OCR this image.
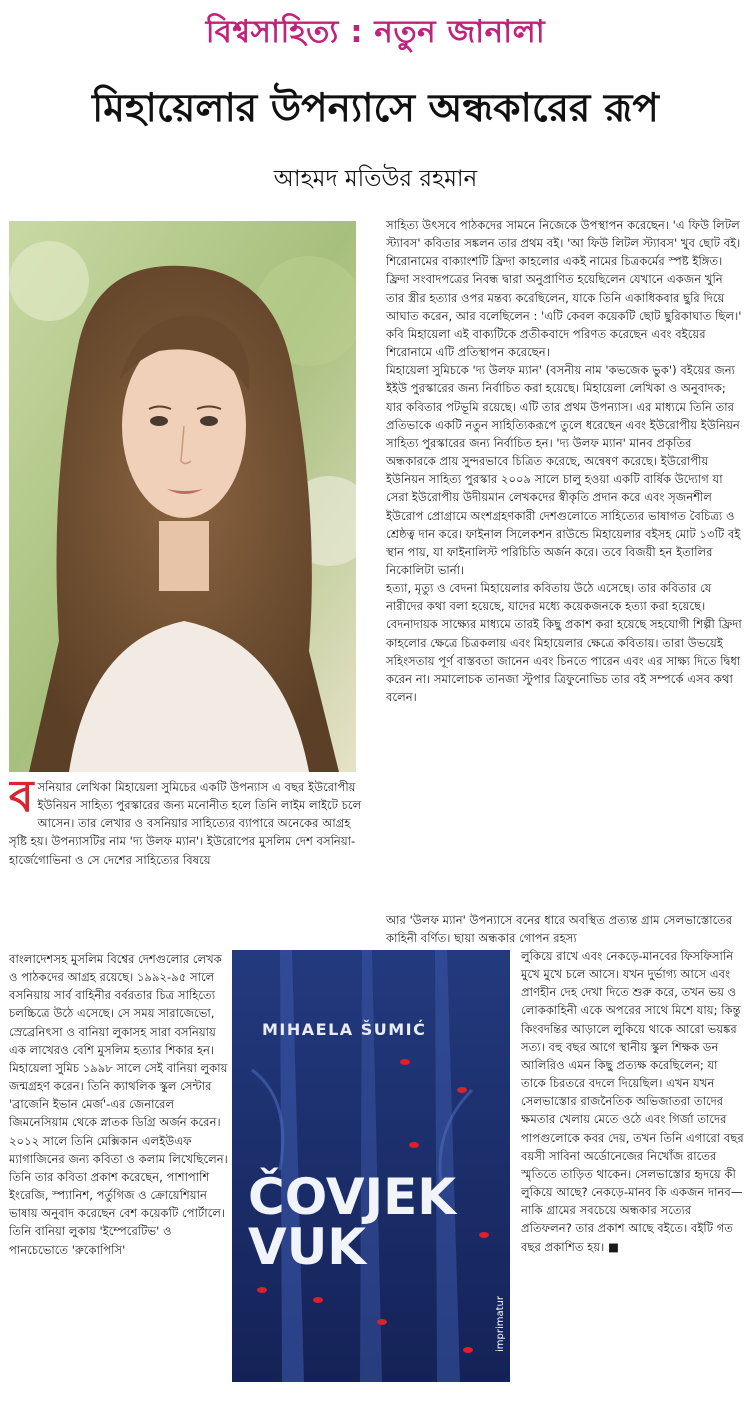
বিশ্বসাহিত্য : নতুন জানালা
মিহায়েলার উপন্যাসে অন্ধকারের রূপ
আহমদ মতিউর রহমান
সাহিত্য উৎসবে পাঠকদের সামনে নিজেকে উপস্থাপন করেছেন। 'এ ফিউ লিটল স্ট্যাবস' কবিতার সঙ্কলন তার প্রথম বই। 'আ ফিউ লিটল স্ট্যাবস' খুব ছোট বই। শিরোনামের বাক্যাংশটি ফ্রিদা কাহলোর একই নামের চিত্রকর্মের স্পষ্ট ইঙ্গিত। ফ্রিদা সংবাদপত্রের নিবন্ধ দ্বারা অনুপ্রাণিত হয়েছিলেন যেখানে একজন খুনি তার স্ত্রীর হত্যার ওপর মন্তব্য করেছিলেন, যাকে তিনি একাধিকবার ছুরি দিয়ে আঘাত করেন, আর বলেছিলেন : 'এটি কেবল কয়েকটি ছোট ছুরিকাঘাত ছিল।' কবি মিহায়েলা এই বাক্যটিকে প্রতীকবাদে পরিণত করেছেন এবং বইয়ের শিরোনামে এটি প্রতিস্থাপন করেছেন।
মিহায়েলা সুমিচকে 'দ্য উলফ ম্যান' (বসনীয় নাম 'কভজেক ভুক') বইয়ের জন্য ইইউ পুরস্কারের জন্য নির্বাচিত করা হয়েছে। মিহায়েলা লেখিকা ও অনুবাদক; যার কবিতার পটভূমি রয়েছে। এটি তার প্রথম উপন্যাস। এর মাধ্যমে তিনি তার প্রতিভাকে একটি নতুন সাহিত্যিকরূপে তুলে ধরেছেন এবং ইউরোপীয় ইউনিয়ন সাহিত্য পুরস্কারের জন্য নির্বাচিত হন। 'দ্য উলফ ম্যান' মানব প্রকৃতির অন্ধকারকে প্রায় সুন্দরভাবে চিত্রিত করেছে, অন্বেষণ করেছে। ইউরোপীয় ইউনিয়ন সাহিত্য পুরস্কার ২০০৯ সালে চালু হওয়া একটি বার্ষিক উদ্যোগ যা সেরা ইউরোপীয় উদীয়মান লেখকদের স্বীকৃতি প্রদান করে এবং সৃজনশীল ইউরোপ প্রোগ্রামে অংশগ্রহণকারী দেশগুলোতে সাহিত্যের ভাষাগত বৈচিত্র্য ও শ্রেষ্ঠত্ব দান করে। ফাইনাল সিলেকশন রাউন্ডে মিহায়েলার বইসহ মোট ১৩টি বই স্থান পায়, যা ফাইনালিস্ট পরিচিতি অর্জন করে। তবে বিজয়ী হন ইতালির নিকোলিটা ভার্না।
হত্যা, মৃত্যু ও বেদনা মিহায়েলার কবিতায় উঠে এসেছে। তার কবিতার যে নারীদের কথা বলা হয়েছে, যাদের মধ্যে কয়েকজনকে হত্যা করা হয়েছে। বেদনাদায়ক সাক্ষ্যের মাধ্যমে তারই কিছু প্রকাশ করা হয়েছে সহযোগী শিল্পী ফ্রিদা কাহলোর ক্ষেত্রে চিত্রকলায় এবং মিহায়েলার ক্ষেত্রে কবিতায়। তারা উভয়েই সহিংসতায় পূর্ণ বাস্তবতা জানেন এবং চিনতে পারেন এবং এর সাক্ষ্য দিতে দ্বিধা করেন না। সমালোচক তানজা স্টুপার ত্রিফুনোভিচ তার বই সম্পর্কে এসব কথা বলেন।
আর 'উলফ ম্যান' উপন্যাসে বনের ধারে অবস্থিত প্রত্যন্ত গ্রাম সেলভাস্তোতের কাহিনী বর্ণিত। ছায়া অন্ধকার গোপন রহস্য
ব সনিয়ার লেখিকা মিহায়েলা সুমিচের একটি উপন্যাস এ বছর ইউরোপীয় ইউনিয়ন সাহিত্য পুরস্কারের জন্য মনোনীত হলে তিনি লাইম লাইটে চলে আসেন। তার লেখার ও বসনিয়ার সাহিত্যের ব্যাপারে অনেকের আগ্রহ সৃষ্টি হয়। উপন্যাসটির নাম 'দ্য উলফ ম্যান'। ইউরোপের মুসলিম দেশ বসনিয়া-হার্জেগোভিনা ও সে দেশের সাহিত্যের বিষয়ে
বাংলাদেশসহ মুসলিম বিশ্বের দেশগুলোর লেখক ও পাঠকদের আগ্রহ রয়েছে। ১৯৯২-৯৫ সালে বসনিয়ায় সার্ব বাহিনীর বর্বরতার চিত্র সাহিত্যে চলচ্চিত্রে উঠে এসেছে। সে সময় সারাজেভো, স্রেব্রেনিৎসা ও বানিয়া লুকাসহ সারা বসনিয়ায় এক লাখেরও বেশি মুসলিম হত্যার শিকার হন। মিহায়েলা সুমিচ ১৯৯৮ সালে সেই বানিয়া লুকায় জন্মগ্রহণ করেন। তিনি ক্যাথলিক স্কুল সেন্টার 'ব্রাজেনি ইভান মের্জ'-এর জেনারেল জিমনেসিয়াম থেকে স্নাতক ডিগ্রি অর্জন করেন। ২০১২ সালে তিনি মেক্সিকান এলইউএফ ম্যাগাজিনের জন্য কবিতা ও কলাম লিখেছিলেন। তিনি তার কবিতা প্রকাশ করেছেন, পাশাপাশি ইংরেজি, স্প্যানিশ, পর্তুগিজ ও ক্রোয়েশিয়ান ভাষায় অনুবাদ করেছেন বেশ কয়েকটি পোর্টালে। তিনি বানিয়া লুকায় 'ইম্পেরেটিভ' ও পানচেভোতে 'রুকোপিসি'
MIHAELA ŠUMIĆ
ČOVJEK
VUK
imprimatur
লুকিয়ে রাখে এবং নেকড়ে-মানবের ফিসফিসানি মুখে মুখে চলে আসে। যখন দুর্ভাগ্য আসে এবং প্রাণহীন দেহ দেখা দিতে শুরু করে, তখন ভয় ও লোককাহিনী একে অপরের সাথে মিশে যায়; কিন্তু কিংবদন্তির আড়ালে লুকিয়ে থাকে আরো ভয়ঙ্কর সত্য। বহু বছর আগে স্থানীয় স্কুল শিক্ষক ডন আলিরিও এমন কিছু প্রত্যক্ষ করেছিলেন; যা তাকে চিরতরে বদলে দিয়েছিল। এখন যখন সেলভাস্তোর রাজনৈতিক অভিজাতরা তাদের ক্ষমতার খেলায় মেতে ওঠে এবং গির্জা তাদের পাপগুলোকে কবর দেয়, তখন তিনি এগারো বছর বয়সী সাবিনা অর্ডোনেজের নিখোঁজ রাতের স্মৃতিতে তাড়িত থাকেন। সেলভাস্তোর হৃদয়ে কী লুকিয়ে আছে? নেকড়ে-মানব কি একজন দানব— নাকি গ্রামের সবচেয়ে অন্ধকার সত্যের প্রতিফলন? তার প্রকাশ আছে বইতে। বইটি গত বছর প্রকাশিত হয়। ■
